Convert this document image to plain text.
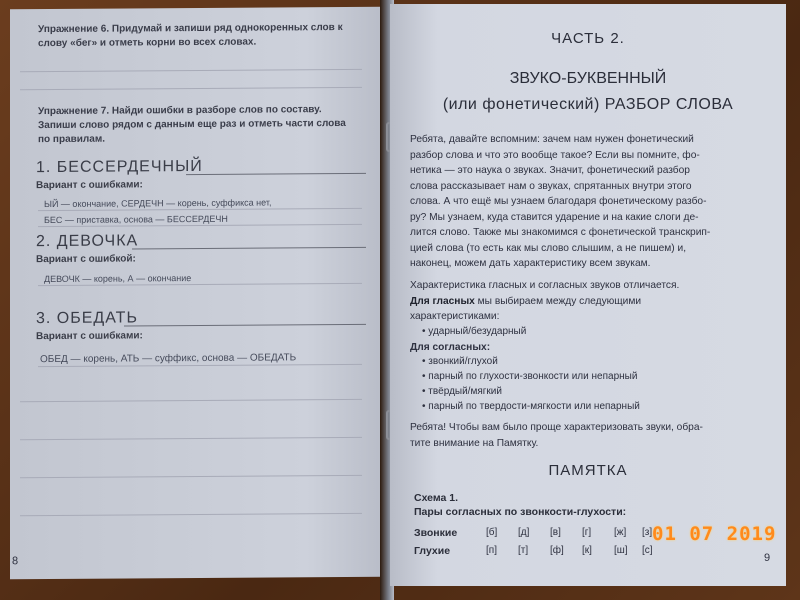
Упражнение 6. Придумай и запиши ряд однокоренных слов к слову «бег» и отметь корни во всех словах.
Упражнение 7. Найди ошибки в разборе слов по составу. Запиши слово рядом с данным еще раз и отметь части слова по правилам.
1. БЕССЕРДЕЧНЫЙ
Вариант с ошибками:
ЫЙ — окончание, СЕРДЕЧН — корень, суффикса нет,
БЕС — приставка, основа — БЕССЕРДЕЧН
2. ДЕВОЧКА
Вариант с ошибкой:
ДЕВОЧК — корень, А — окончание
3. ОБЕДАТЬ
Вариант с ошибками:
ОБЕД — корень, АТЬ — суффикс, основа — ОБЕДАТЬ
8
ЧАСТЬ 2.
ЗВУКО-БУКВЕННЫЙ
(или фонетический) РАЗБОР СЛОВА
Ребята, давайте вспомним: зачем нам нужен фонетический
разбор слова и что это вообще такое? Если вы помните, фо-
нетика — это наука о звуках. Значит, фонетический разбор
слова рассказывает нам о звуках, спрятанных внутри этого
слова. А что ещё мы узнаем благодаря фонетическому разбо-
ру? Мы узнаем, куда ставится ударение и на какие слоги де-
лится слово. Также мы знакомимся с фонетической транскрип-
цией слова (то есть как мы слово слышим, а не пишем) и,
наконец, можем дать характеристику всем звукам.
Характеристика гласных и согласных звуков отличается.
Для гласных мы выбираем между следующими
характеристиками:
• ударный/безударный
Для согласных:
• звонкий/глухой
• парный по глухости-звонкости или непарный
• твёрдый/мягкий
• парный по твердости-мягкости или непарный
Ребята! Чтобы вам было проще характеризовать звуки, обра-
тите внимание на Памятку.
ПАМЯТКА
Схема 1.
Пары согласных по звонкости-глухости:
Звонкие	[б] [д] [в] [г] [ж] [з]
Глухие	[п] [т] [ф] [к] [ш] [с]
9
01 07 2019
